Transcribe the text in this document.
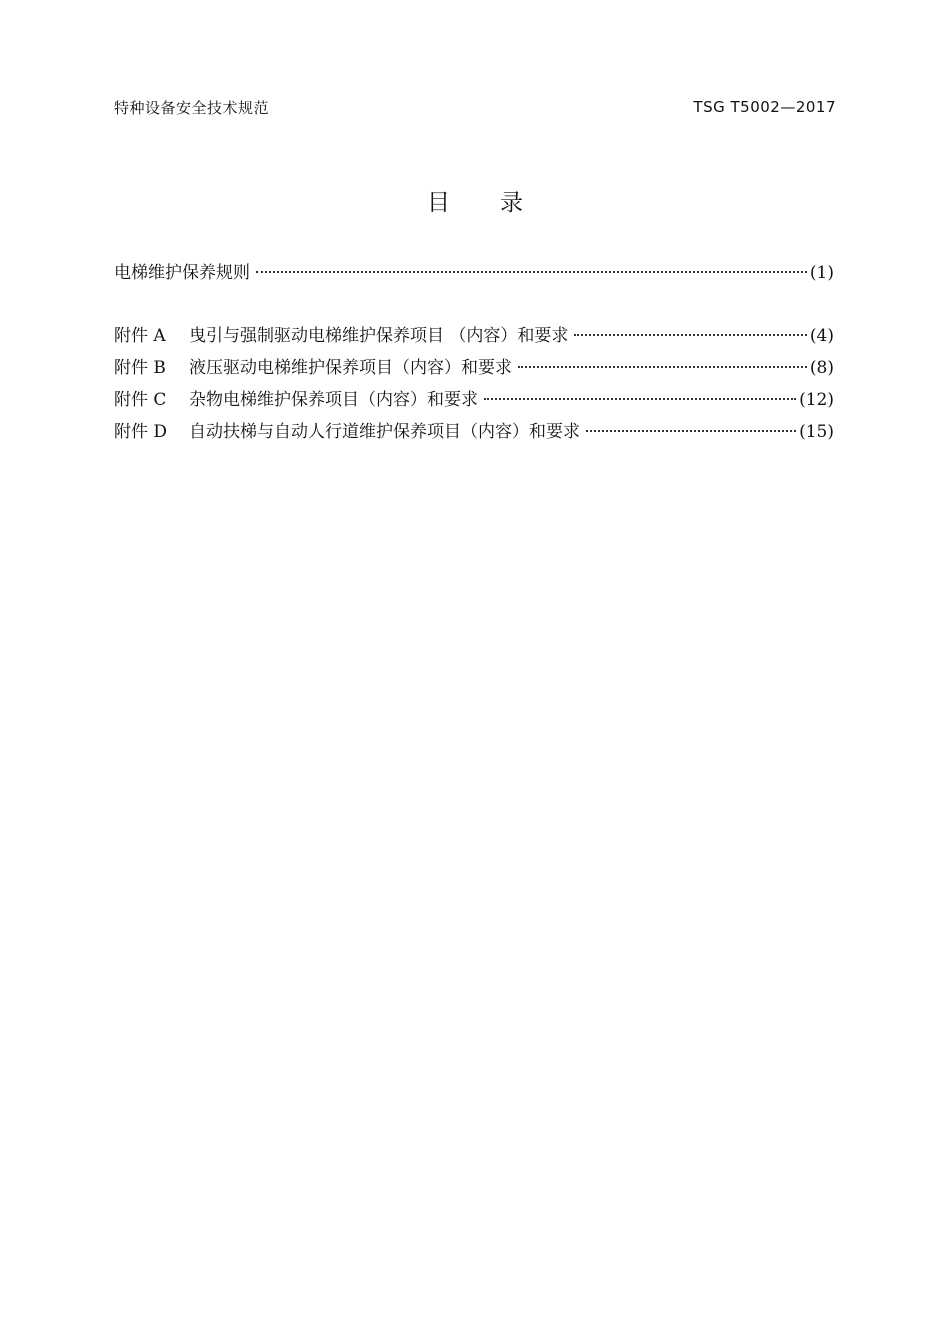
特种设备安全技术规范	TSG T5002—2017
目录
电梯维护保养规则	(1)
附件 A 曳引与强制驱动电梯维护保养项目 （内容）和要求	(4)
附件 B 液压驱动电梯维护保养项目（内容）和要求	(8)
附件 C 杂物电梯维护保养项目（内容）和要求	(12)
附件 D 自动扶梯与自动人行道维护保养项目（内容）和要求	(15)
